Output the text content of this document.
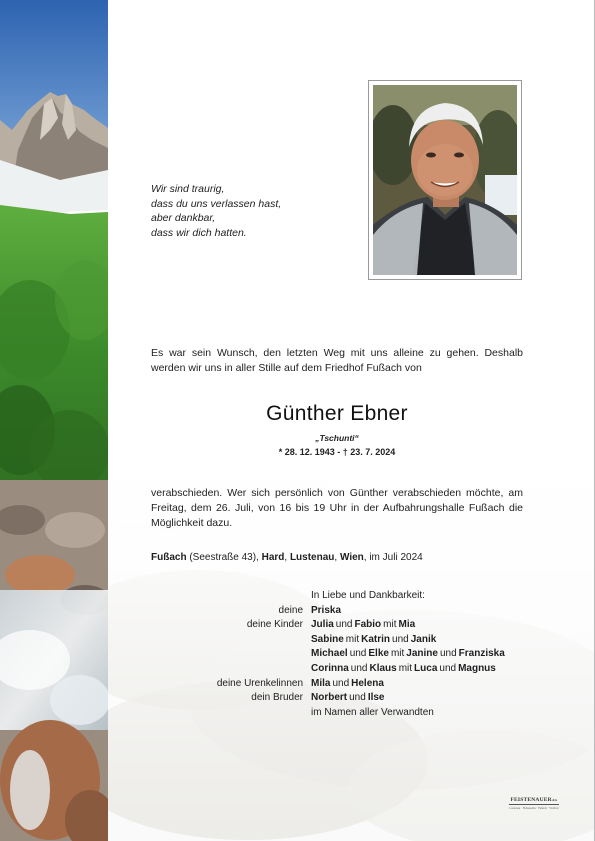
Wir sind traurig,
dass du uns verlassen hast,
aber dankbar,
dass wir dich hatten.
Es war sein Wunsch, den letzten Weg mit uns alleine zu gehen. Deshalb werden wir uns in aller Stille auf dem Friedhof Fußach von
Günther Ebner
„Tschunti“
* 28. 12. 1943 - † 23. 7. 2024
verabschieden. Wer sich persönlich von Günther verabschieden möchte, am Freitag, dem 26. Juli, von 16 bis 19 Uhr in der Aufbahrungshalle Fußach die Möglichkeit dazu.
Fußach (Seestraße 43), Hard, Lustenau, Wien, im Juli 2024
In Liebe und Dankbarkeit:
deine Priska
deine Kinder Julia und Fabio mit Mia
Sabine mit Katrin und Janik
Michael und Elke mit Janine und Franziska
Corinna und Klaus mit Luca und Magnus
deine Urenkelinnen Mila und Helena
dein Bruder Norbert und Ilse
im Namen aller Verwandten
FEISTENAUERAG
Lustenau · Hohenems · Fußach · Wolfurt
